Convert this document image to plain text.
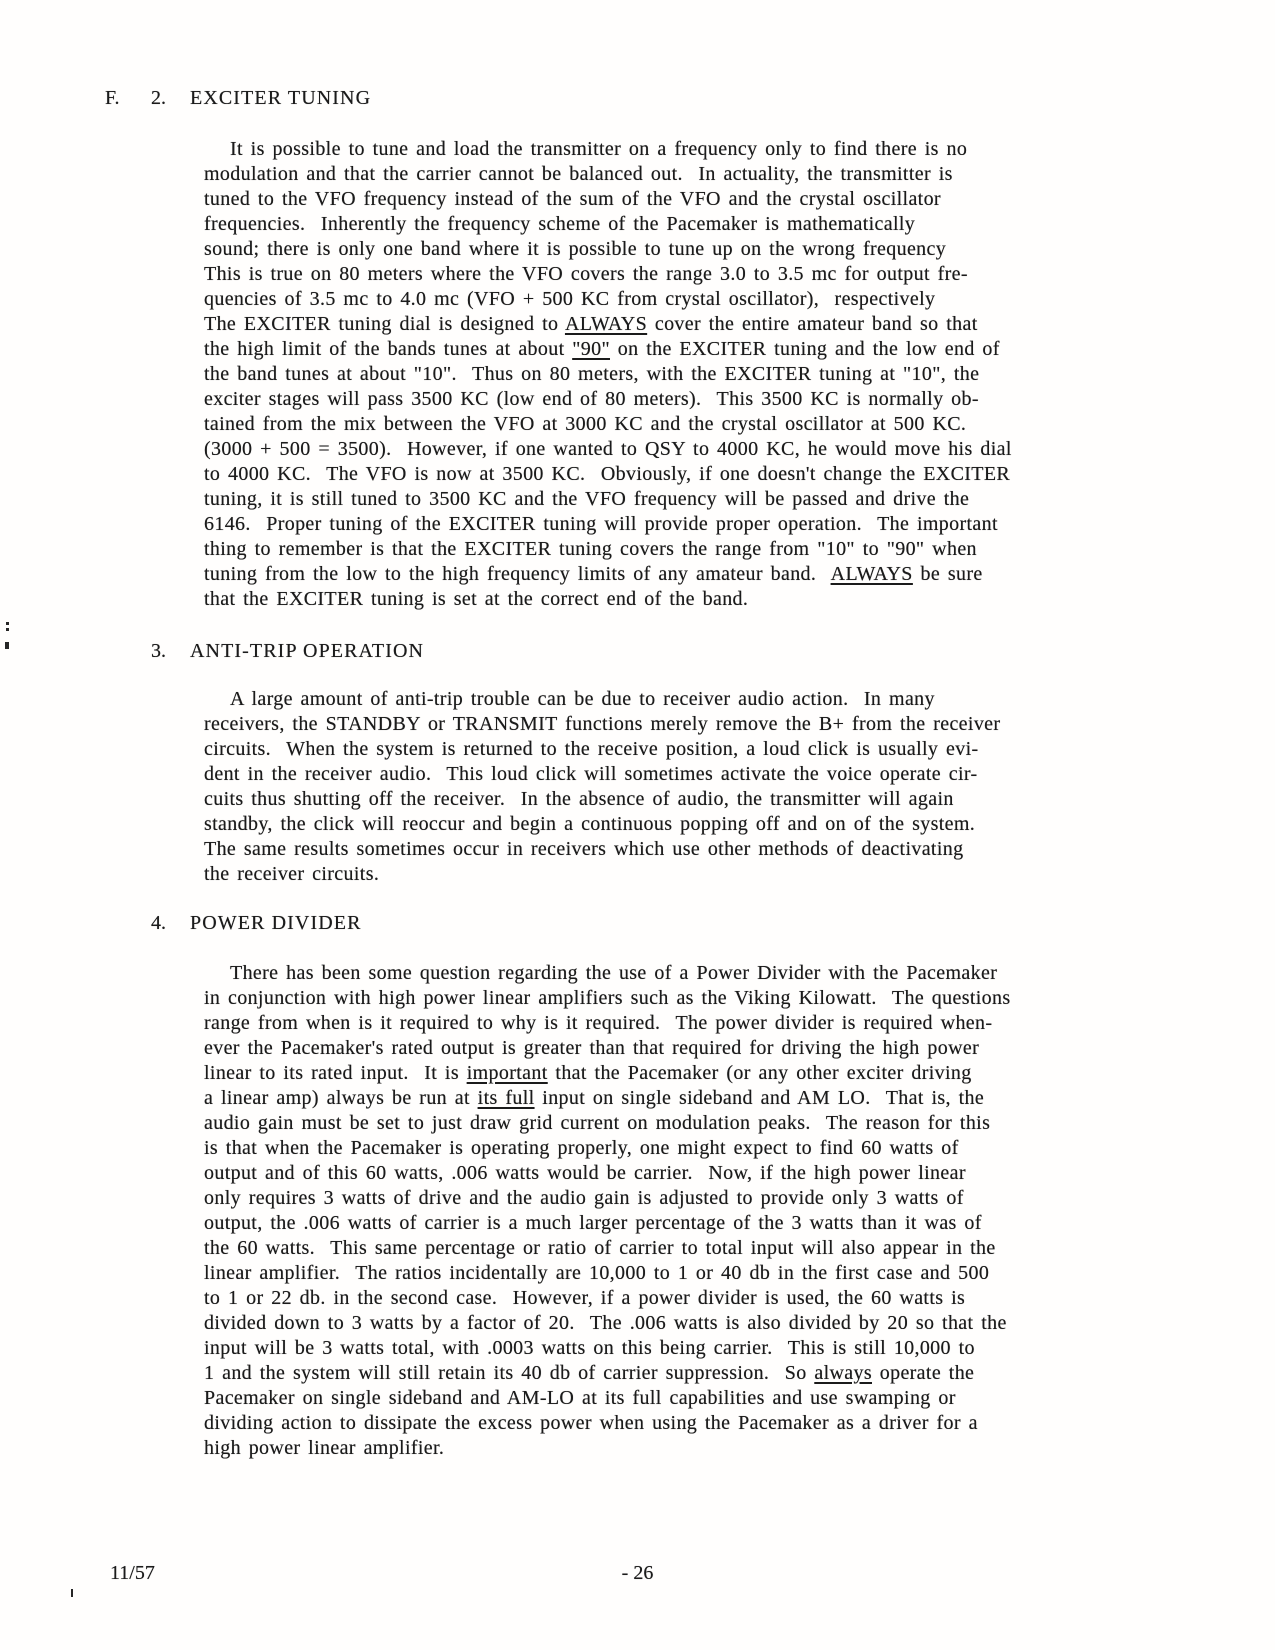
F. 2. EXCITER TUNING
It is possible to tune and load the transmitter on a frequency only to find there is no
modulation and that the carrier cannot be balanced out.  In actuality, the transmitter is
tuned to the VFO frequency instead of the sum of the VFO and the crystal oscillator
frequencies.  Inherently the frequency scheme of the Pacemaker is mathematically
sound; there is only one band where it is possible to tune up on the wrong frequency
This is true on 80 meters where the VFO covers the range 3.0 to 3.5 mc for output fre-
quencies of 3.5 mc to 4.0 mc (VFO + 500 KC from crystal oscillator),  respectively
The EXCITER tuning dial is designed to ALWAYS cover the entire amateur band so that
the high limit of the bands tunes at about "90" on the EXCITER tuning and the low end of
the band tunes at about "10".  Thus on 80 meters, with the EXCITER tuning at "10", the
exciter stages will pass 3500 KC (low end of 80 meters).  This 3500 KC is normally ob-
tained from the mix between the VFO at 3000 KC and the crystal oscillator at 500 KC.
(3000 + 500 = 3500).  However, if one wanted to QSY to 4000 KC, he would move his dial
to 4000 KC.  The VFO is now at 3500 KC.  Obviously, if one doesn't change the EXCITER
tuning, it is still tuned to 3500 KC and the VFO frequency will be passed and drive the
6146.  Proper tuning of the EXCITER tuning will provide proper operation.  The important
thing to remember is that the EXCITER tuning covers the range from "10" to "90" when
tuning from the low to the high frequency limits of any amateur band.  ALWAYS be sure
that the EXCITER tuning is set at the correct end of the band.
3. ANTI-TRIP OPERATION
A large amount of anti-trip trouble can be due to receiver audio action.  In many
receivers, the STANDBY or TRANSMIT functions merely remove the B+ from the receiver
circuits.  When the system is returned to the receive position, a loud click is usually evi-
dent in the receiver audio.  This loud click will sometimes activate the voice operate cir-
cuits thus shutting off the receiver.  In the absence of audio, the transmitter will again
standby, the click will reoccur and begin a continuous popping off and on of the system.
The same results sometimes occur in receivers which use other methods of deactivating
the receiver circuits.
4. POWER DIVIDER
There has been some question regarding the use of a Power Divider with the Pacemaker
in conjunction with high power linear amplifiers such as the Viking Kilowatt.  The questions
range from when is it required to why is it required.  The power divider is required when-
ever the Pacemaker's rated output is greater than that required for driving the high power
linear to its rated input.  It is important that the Pacemaker (or any other exciter driving
a linear amp) always be run at its full input on single sideband and AM LO.  That is, the
audio gain must be set to just draw grid current on modulation peaks.  The reason for this
is that when the Pacemaker is operating properly, one might expect to find 60 watts of
output and of this 60 watts, .006 watts would be carrier.  Now, if the high power linear
only requires 3 watts of drive and the audio gain is adjusted to provide only 3 watts of
output, the .006 watts of carrier is a much larger percentage of the 3 watts than it was of
the 60 watts.  This same percentage or ratio of carrier to total input will also appear in the
linear amplifier.  The ratios incidentally are 10,000 to 1 or 40 db in the first case and 500
to 1 or 22 db. in the second case.  However, if a power divider is used, the 60 watts is
divided down to 3 watts by a factor of 20.  The .006 watts is also divided by 20 so that the
input will be 3 watts total, with .0003 watts on this being carrier.  This is still 10,000 to
1 and the system will still retain its 40 db of carrier suppression.  So always operate the
Pacemaker on single sideband and AM-LO at its full capabilities and use swamping or
dividing action to dissipate the excess power when using the Pacemaker as a driver for a
high power linear amplifier.
11/57	- 26
